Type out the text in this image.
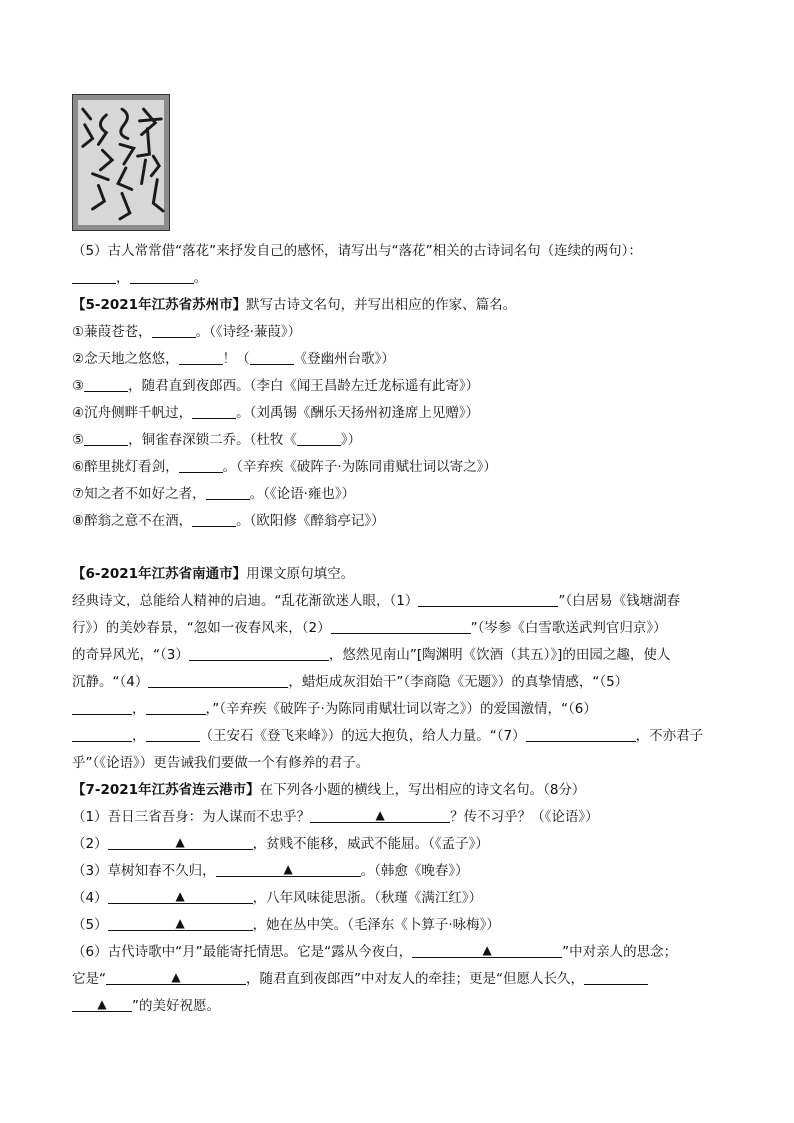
（5）古人常常借“落花”来抒发自己的感怀，请写出与“落花”相关的古诗词名句（连续的两句）：
，	。
【5-2021年江苏省苏州市】默写古诗文名句，并写出相应的作家、篇名。
①蒹葭苍苍，	。（《诗经·蒹葭》）
②念天地之悠悠，	！（	《登幽州台歌》）
③	，随君直到夜郎西。（李白《闻王昌龄左迁龙标遥有此寄》）
④沉舟侧畔千帆过，	。（刘禹锡《酬乐天扬州初逢席上见赠》）
⑤	，铜雀春深锁二乔。（杜牧《	》）
⑥醉里挑灯看剑，	。（辛弃疾《破阵子·为陈同甫赋壮词以寄之》）
⑦知之者不如好之者，	。（《论语·雍也》）
⑧醉翁之意不在酒，	。（欧阳修《醉翁亭记》）
【6-2021年江苏省南通市】用课文原句填空。
经典诗文，总能给人精神的启迪。“乱花渐欲迷人眼，（1）	”（白居易《钱塘湖春
行》）的美妙春景，“忽如一夜春风来，（2）	”（岑参《白雪歌送武判官归京》）
的奇异风光，“（3）	，悠然见南山”[陶渊明《饮酒（其五）》]的田园之趣，使人
沉静。“（4）	，蜡炬成灰泪始干”（李商隐《无题》）的真挚情感，“（5）
，	，”（辛弃疾《破阵子·为陈同甫赋壮词以寄之》）的爱国激情，“（6）
，	（王安石《登飞来峰》）的远大抱负，给人力量。“（7）	，不亦君子
乎”（《论语》）更告诫我们要做一个有修养的君子。
【7-2021年江苏省连云港市】在下列各小题的横线上，写出相应的诗文名句。（8分）
（1）吾日三省吾身：为人谋而不忠乎？ ▲	？传不习乎？（《论语》）
（2） ▲	，贫贱不能移，威武不能屈。（《孟子》）
（3）草树知春不久归， ▲	。（韩愈《晚春》）
（4） ▲	，八年风味徒思浙。（秋瑾《满江红》）
（5） ▲	，她在丛中笑。（毛泽东《卜算子·咏梅》）
（6）古代诗歌中“月”最能寄托情思。它是“露从今夜白， ▲	”中对亲人的思念；
它是“ ▲	，随君直到夜郎西”中对友人的牵挂；更是“但愿人长久，
▲”的美好祝愿。
